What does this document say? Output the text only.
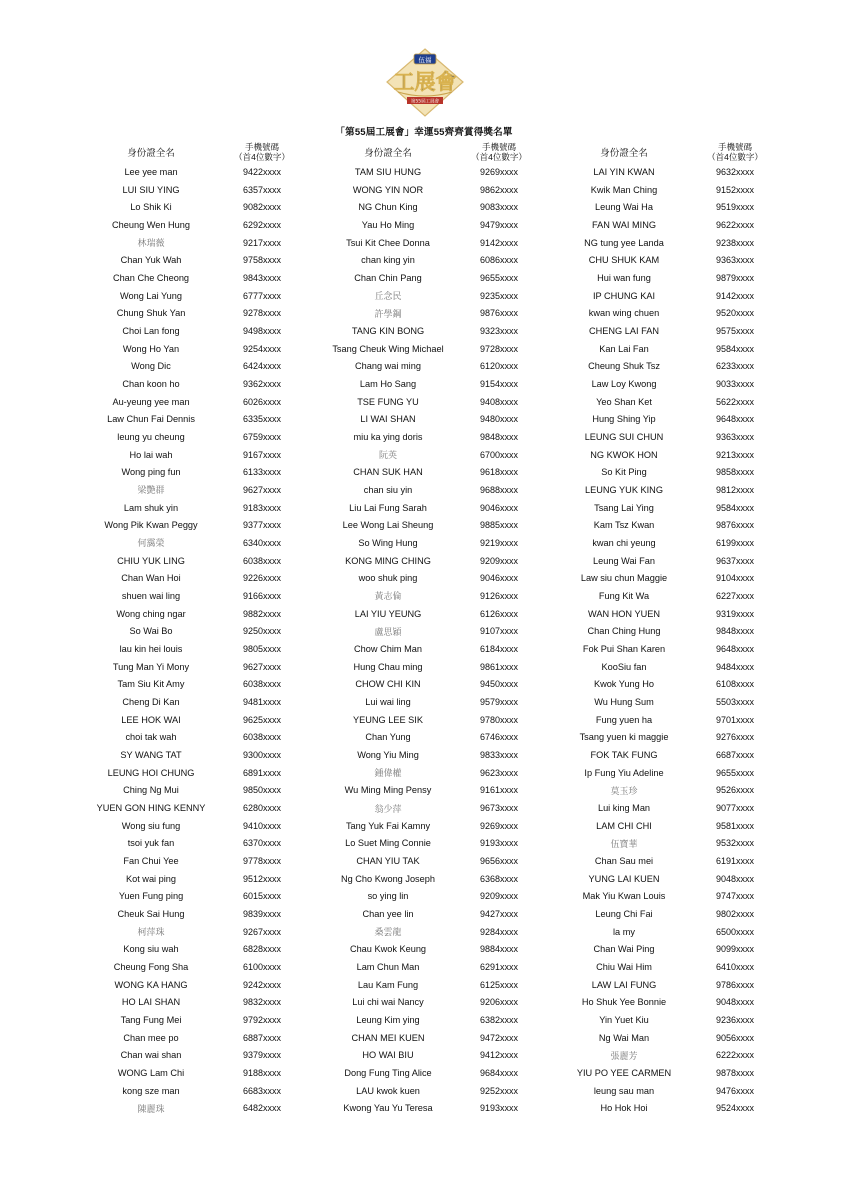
伍福
工展會
第55屆工展會
「第55屆工展會」幸運55齊齊賞得獎名單
身份證全名
手機號碼
（首4位數字）
Lee yee man	9422xxxx
LUI SIU YING	6357xxxx
Lo Shik Ki	9082xxxx
Cheung Wen Hung	6292xxxx
林瑞薇	9217xxxx
Chan Yuk Wah	9758xxxx
Chan Che Cheong	9843xxxx
Wong Lai Yung	6777xxxx
Chung Shuk Yan	9278xxxx
Choi Lan fong	9498xxxx
Wong Ho Yan	9254xxxx
Wong Dic	6424xxxx
Chan koon ho	9362xxxx
Au-yeung yee man	6026xxxx
Law Chun Fai Dennis	6335xxxx
leung yu cheung	6759xxxx
Ho lai wah	9167xxxx
Wong ping fun	6133xxxx
梁艷群	9627xxxx
Lam shuk yin	9183xxxx
Wong Pik Kwan Peggy	9377xxxx
何靄榮	6340xxxx
CHIU YUK LING	6038xxxx
Chan Wan Hoi	9226xxxx
shuen wai ling	9166xxxx
Wong ching ngar	9882xxxx
So Wai Bo	9250xxxx
lau kin hei louis	9805xxxx
Tung Man Yi Mony	9627xxxx
Tam Siu Kit Amy	6038xxxx
Cheng Di Kan	9481xxxx
LEE HOK WAI	9625xxxx
choi tak wah	6038xxxx
SY WANG TAT	9300xxxx
LEUNG HOI CHUNG	6891xxxx
Ching Ng Mui	9850xxxx
YUEN GON HING KENNY	6280xxxx
Wong siu fung	9410xxxx
tsoi yuk fan	6370xxxx
Fan Chui Yee	9778xxxx
Kot wai ping	9512xxxx
Yuen Fung ping	6015xxxx
Cheuk Sai Hung	9839xxxx
柯萍珠	9267xxxx
Kong siu wah	6828xxxx
Cheung Fong Sha	6100xxxx
WONG KA HANG	9242xxxx
HO LAI SHAN	9832xxxx
Tang Fung Mei	9792xxxx
Chan mee po	6887xxxx
Chan wai shan	9379xxxx
WONG Lam Chi	9188xxxx
kong sze man	6683xxxx
陳麗珠	6482xxxx
身份證全名
手機號碼
（首4位數字）
TAM SIU HUNG	9269xxxx
WONG YIN NOR	9862xxxx
NG Chun King	9083xxxx
Yau Ho Ming	9479xxxx
Tsui Kit Chee Donna	9142xxxx
chan king yin	6086xxxx
Chan Chin Pang	9655xxxx
丘念民	9235xxxx
許學鋼	9876xxxx
TANG KIN BONG	9323xxxx
Tsang Cheuk Wing Michael	9728xxxx
Chang wai ming	6120xxxx
Lam Ho Sang	9154xxxx
TSE FUNG YU	9408xxxx
LI WAI SHAN	9480xxxx
miu ka ying doris	9848xxxx
阮英	6700xxxx
CHAN SUK HAN	9618xxxx
chan siu yin	9688xxxx
Liu Lai Fung Sarah	9046xxxx
Lee Wong Lai Sheung	9885xxxx
So Wing Hung	9219xxxx
KONG MING CHING	9209xxxx
woo shuk ping	9046xxxx
黃志倫	9126xxxx
LAI YIU YEUNG	6126xxxx
盧思穎	9107xxxx
Chow Chim Man	6184xxxx
Hung Chau ming	9861xxxx
CHOW CHI KIN	9450xxxx
Lui wai ling	9579xxxx
YEUNG LEE SIK	9780xxxx
Chan Yung	6746xxxx
Wong Yiu Ming	9833xxxx
鍾偉權	9623xxxx
Wu Ming Ming Pensy	9161xxxx
翁少萍	9673xxxx
Tang Yuk Fai Kamny	9269xxxx
Lo Suet Ming Connie	9193xxxx
CHAN YIU TAK	9656xxxx
Ng Cho Kwong Joseph	6368xxxx
so ying lin	9209xxxx
Chan yee lin	9427xxxx
桑雲龍	9284xxxx
Chau Kwok Keung	9884xxxx
Lam Chun Man	6291xxxx
Lau Kam Fung	6125xxxx
Lui chi wai Nancy	9206xxxx
Leung Kim ying	6382xxxx
CHAN MEI KUEN	9472xxxx
HO WAI BIU	9412xxxx
Dong Fung Ting Alice	9684xxxx
LAU kwok kuen	9252xxxx
Kwong Yau Yu Teresa	9193xxxx
身份證全名
手機號碼
（首4位數字）
LAI YIN KWAN	9632xxxx
Kwik Man Ching	9152xxxx
Leung Wai Ha	9519xxxx
FAN WAI MING	9622xxxx
NG tung yee Landa	9238xxxx
CHU SHUK KAM	9363xxxx
Hui wan fung	9879xxxx
IP CHUNG KAI	9142xxxx
kwan wing chuen	9520xxxx
CHENG LAI FAN	9575xxxx
Kan Lai Fan	9584xxxx
Cheung Shuk Tsz	6233xxxx
Law Loy Kwong	9033xxxx
Yeo Shan Ket	5622xxxx
Hung Shing Yip	9648xxxx
LEUNG SUI CHUN	9363xxxx
NG KWOK HON	9213xxxx
So Kit Ping	9858xxxx
LEUNG YUK KING	9812xxxx
Tsang Lai Ying	9584xxxx
Kam Tsz Kwan	9876xxxx
kwan chi yeung	6199xxxx
Leung Wai Fan	9637xxxx
Law siu chun Maggie	9104xxxx
Fung Kit Wa	6227xxxx
WAN HON YUEN	9319xxxx
Chan Ching Hung	9848xxxx
Fok Pui Shan Karen	9648xxxx
KooSiu fan	9484xxxx
Kwok Yung Ho	6108xxxx
Wu Hung Sum	5503xxxx
Fung yuen ha	9701xxxx
Tsang yuen ki maggie	9276xxxx
FOK TAK FUNG	6687xxxx
Ip Fung Yiu Adeline	9655xxxx
莫玉珍	9526xxxx
Lui king Man	9077xxxx
LAM CHI CHI	9581xxxx
伍寶華	9532xxxx
Chan Sau mei	6191xxxx
YUNG LAI KUEN	9048xxxx
Mak Yiu Kwan Louis	9747xxxx
Leung Chi Fai	9802xxxx
la my	6500xxxx
Chan Wai Ping	9099xxxx
Chiu Wai Him	6410xxxx
LAW LAI FUNG	9786xxxx
Ho Shuk Yee Bonnie	9048xxxx
Yin Yuet Kiu	9236xxxx
Ng Wai Man	9056xxxx
張麗芳	6222xxxx
YIU PO YEE CARMEN	9878xxxx
leung sau man	9476xxxx
Ho Hok Hoi	9524xxxx
